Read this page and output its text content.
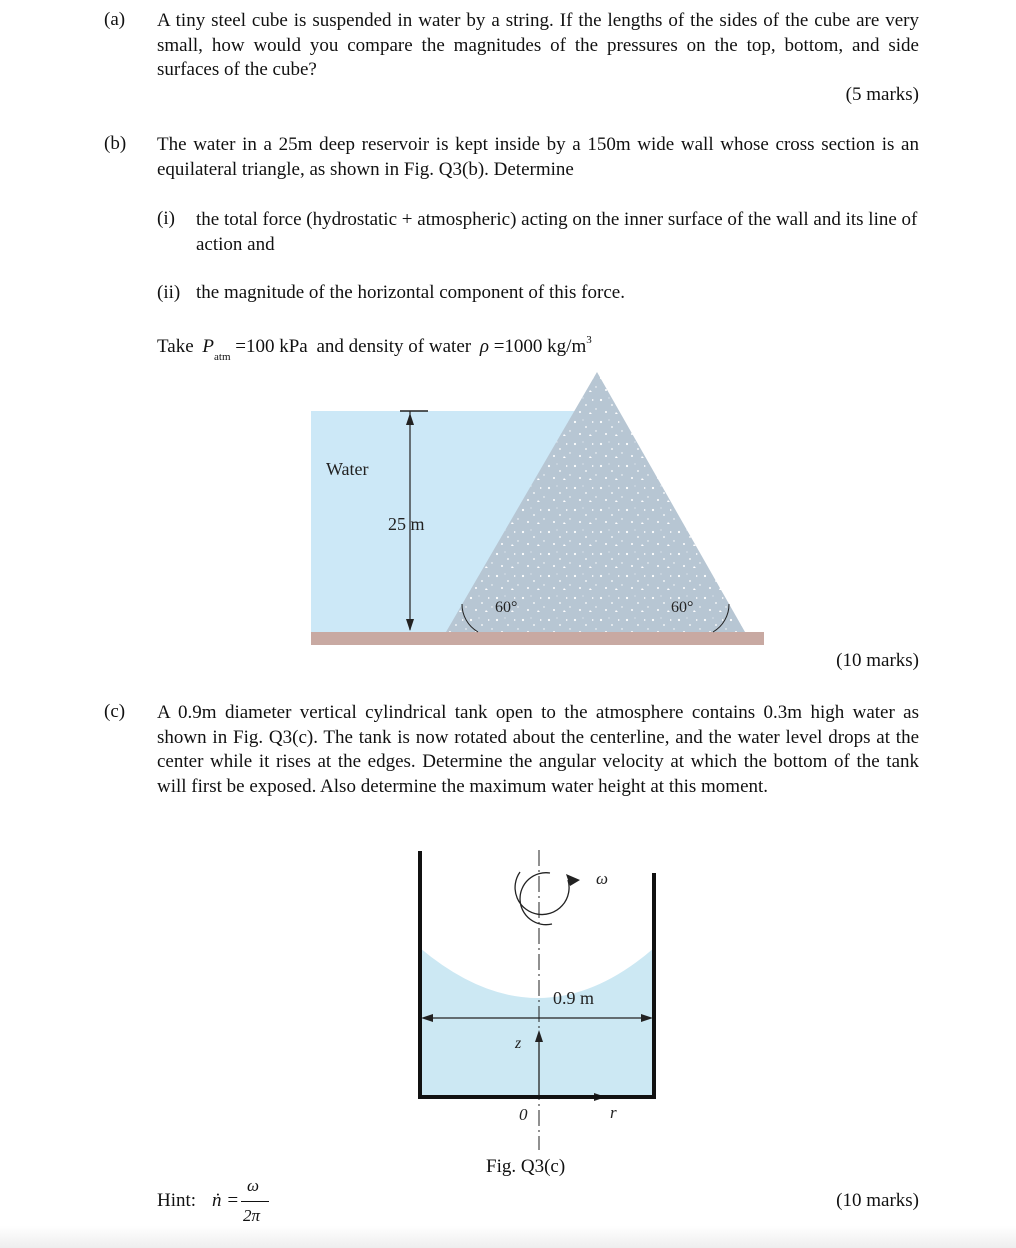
(a) A tiny steel cube is suspended in water by a string. If the lengths of the sides of the cube are very small, how would you compare the magnitudes of the pressures on the top, bottom, and side surfaces of the cube?
(5 marks)
(b) The water in a 25m deep reservoir is kept inside by a 150m wide wall whose cross section is an equilateral triangle, as shown in Fig. Q3(b). Determine
(i) the total force (hydrostatic + atmospheric) acting on the inner surface of the wall and its line of action and
(ii) the magnitude of the horizontal component of this force.
Take $P_{atm} =100$ kPa and density of water ρ =1000 $kg/m^3$
Water
25 m
60°	60°
(10 marks)
(c) A 0.9m diameter vertical cylindrical tank open to the atmosphere contains 0.3m high water as shown in Fig. Q3(c). The tank is now rotated about the centerline, and the water level drops at the center while it rises at the edges. Determine the angular velocity at which the bottom of the tank will first be exposed. Also determine the maximum water height at this moment.
ω
0.9 m
z
0	r
Fig. Q3(c)
Hint: ṅ =
ω
2π
(10 marks)
